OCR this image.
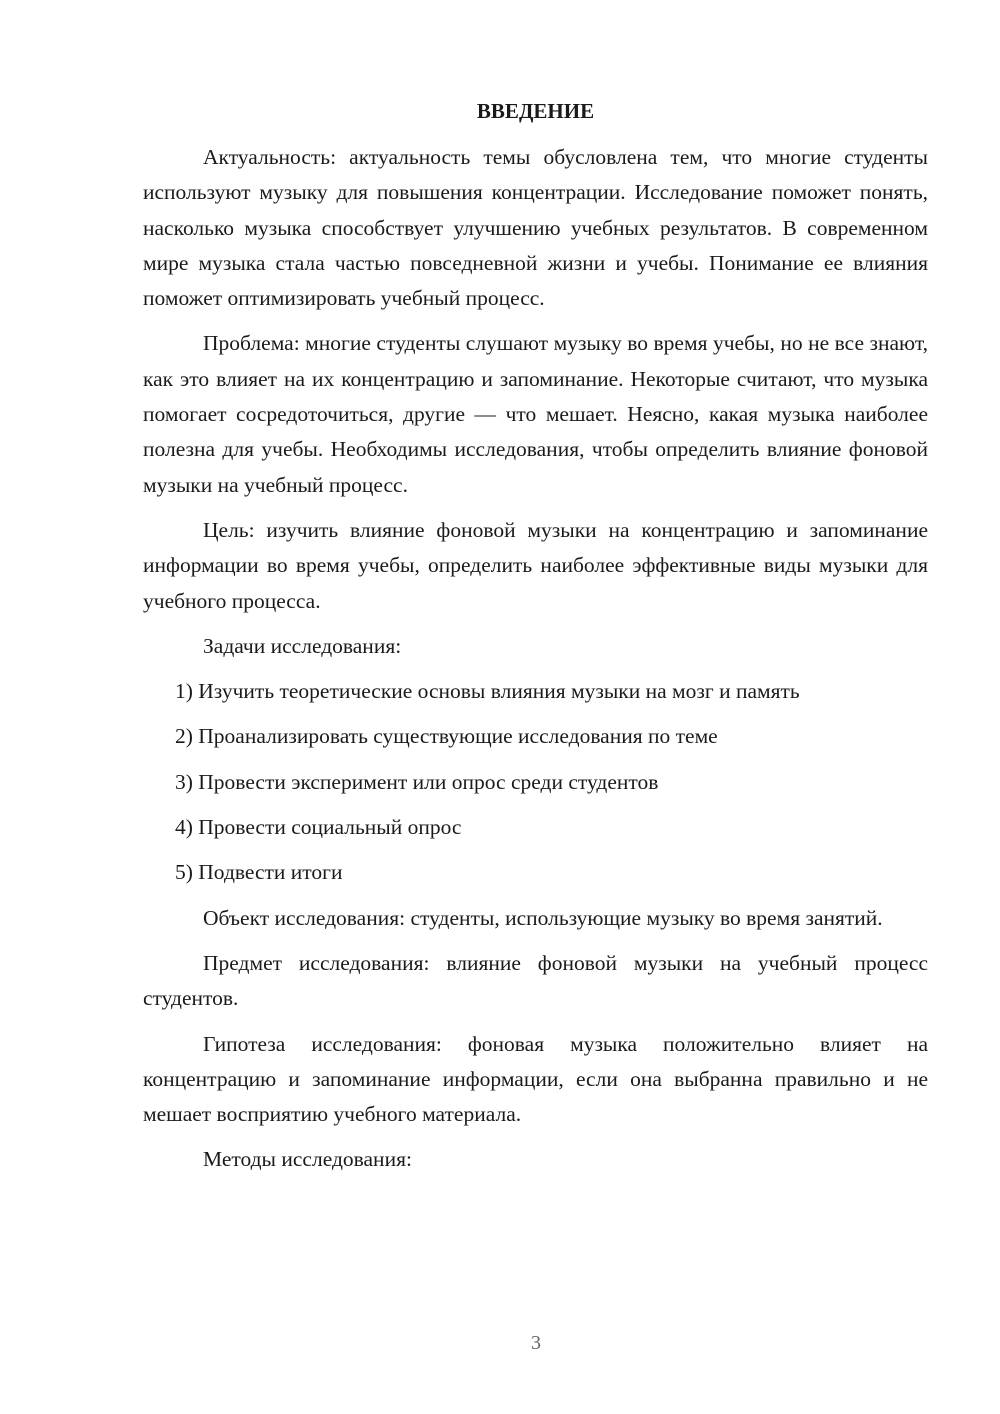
ВВЕДЕНИЕ

Актуальность: актуальность темы обусловлена тем, что многие студенты используют музыку для повышения концентрации. Исследование поможет понять, насколько музыка способствует улучшению учебных результатов. В современном мире музыка стала частью повседневной жизни и учебы. Понимание ее влияния поможет оптимизировать учебный процесс.

Проблема: многие студенты слушают музыку во время учебы, но не все знают, как это влияет на их концентрацию и запоминание. Некоторые считают, что музыка помогает сосредоточиться, другие — что мешает. Неясно, какая музыка наиболее полезна для учебы. Необходимы исследования, чтобы определить влияние фоновой музыки на учебный процесс.

Цель: изучить влияние фоновой музыки на концентрацию и запоминание информации во время учебы, определить наиболее эффективные виды музыки для учебного процесса.

Задачи исследования:

1) Изучить теоретические основы влияния музыки на мозг и память
2) Проанализировать существующие исследования по теме
3) Провести эксперимент или опрос среди студентов
4) Провести социальный опрос
5) Подвести итоги

Объект исследования: студенты, использующие музыку во время занятий.

Предмет исследования: влияние фоновой музыки на учебный процесс студентов.

Гипотеза исследования: фоновая музыка положительно влияет на концентрацию и запоминание информации, если она выбранна правильно и не мешает восприятию учебного материала.

Методы исследования:

3
